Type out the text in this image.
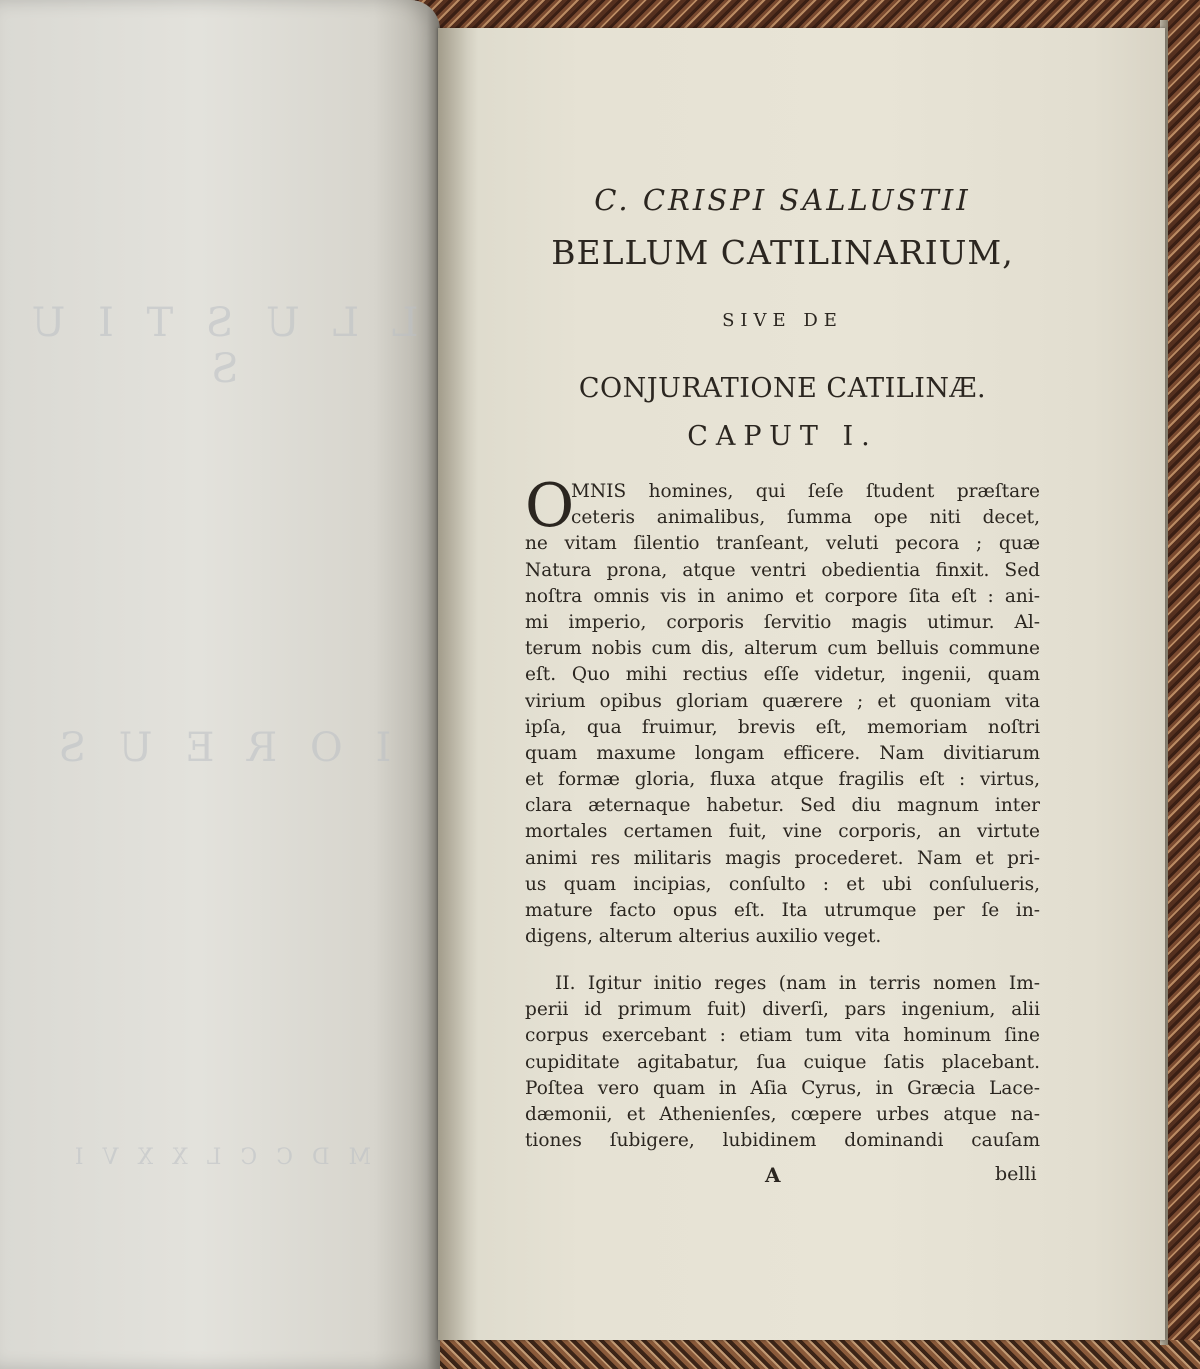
L L U S T I U S
I O R E U S
M D C C L X X V I
C. CRISPI SALLUSTII
BELLUM CATILINARIUM,
SIVE DE
CONJURATIONE CATILINÆ.
CAPUT I.
O
MNIS homines, qui ſeſe ſtudent præſtare
ceteris animalibus, ſumma ope niti decet,
ne vitam ſilentio tranſeant, veluti pecora ; quæ
Natura prona, atque ventri obedientia finxit. Sed
noſtra omnis vis in animo et corpore ſita eſt : ani-
mi imperio, corporis ſervitio magis utimur. Al-
terum nobis cum dis, alterum cum belluis commune
eſt. Quo mihi rectius eſſe videtur, ingenii, quam
virium opibus gloriam quærere ; et quoniam vita
ipſa, qua fruimur, brevis eſt, memoriam noſtri
quam maxume longam efficere. Nam divitiarum
et formæ gloria, fluxa atque fragilis eſt : virtus,
clara æternaque habetur. Sed diu magnum inter
mortales certamen fuit, vine corporis, an virtute
animi res militaris magis procederet. Nam et pri-
us quam incipias, conſulto : et ubi conſulueris,
mature facto opus eſt. Ita utrumque per ſe in-
digens, alterum alterius auxilio veget.
II. Igitur initio reges (nam in terris nomen Im-
perii id primum fuit) diverſi, pars ingenium, alii
corpus exercebant : etiam tum vita hominum ſine
cupiditate agitabatur, ſua cuique ſatis placebant.
Poſtea vero quam in Aſia Cyrus, in Græcia Lace-
dæmonii, et Athenienſes, cœpere urbes atque na-
tiones ſubigere, lubidinem dominandi cauſam
A	belli
